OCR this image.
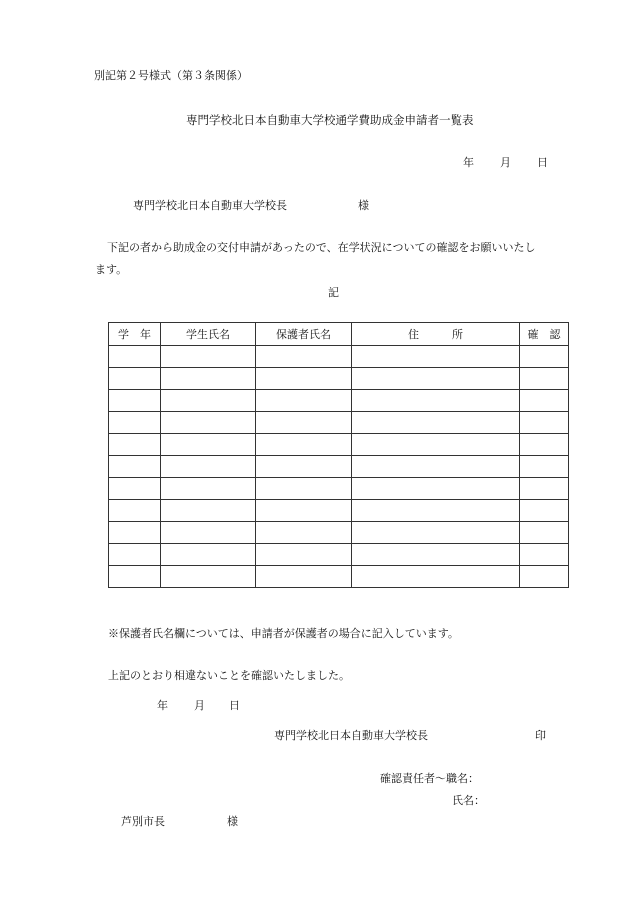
別記第２号様式（第３条関係）
専門学校北日本自動車大学校通学費助成金申請者一覧表
年 月 日
専門学校北日本自動車大学校長	様
下記の者から助成金の交付申請があったので、在学状況についての確認をお願いいたし
ます。
記
学　年	学生氏名	保護者氏名	住　　　所	確　認

※保護者氏名欄については、申請者が保護者の場合に記入しています。
上記のとおり相違ないことを確認いたしました。
年 月 日
専門学校北日本自動車大学校長	印
確認責任者～職名：
氏名：
芦別市長	様
